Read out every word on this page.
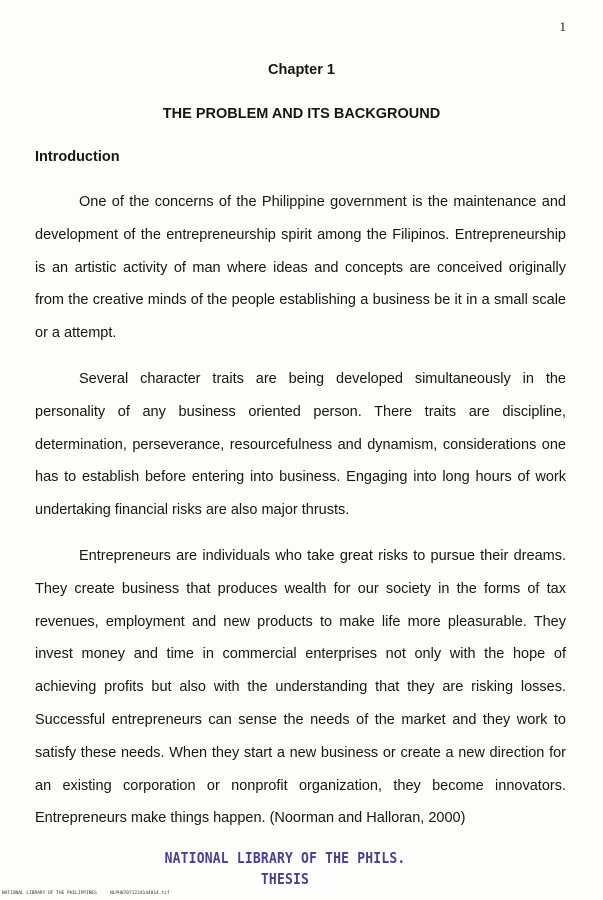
1
Chapter 1
THE PROBLEM AND ITS BACKGROUND
Introduction

One of the concerns of the Philippine government is the maintenance and development of the entrepreneurship spirit among the Filipinos. Entrepreneurship is an artistic activity of man where ideas and concepts are conceived originally from the creative minds of the people establishing a business be it in a small scale or a attempt.

Several character traits are being developed simultaneously in the personality of any business oriented person. There traits are discipline, determination, perseverance, resourcefulness and dynamism, considerations one has to establish before entering into business. Engaging into long hours of work undertaking financial risks are also major thrusts.

Entrepreneurs are individuals who take great risks to pursue their dreams. They create business that produces wealth for our society in the forms of tax revenues, employment and new products to make life more pleasurable. They invest money and time in commercial enterprises not only with the hope of achieving profits but also with the understanding that they are risking losses. Successful entrepreneurs can sense the needs of the market and they work to satisfy these needs. When they start a new business or create a new direction for an existing corporation or nonprofit organization, they become innovators. Entrepreneurs make things happen. (Noorman and Halloran, 2000)

NATIONAL LIBRARY OF THE PHILS.
THESIS
NATIONAL LIBRARY OF THE PHILIPPINES	NLPH07071224144814.tif
